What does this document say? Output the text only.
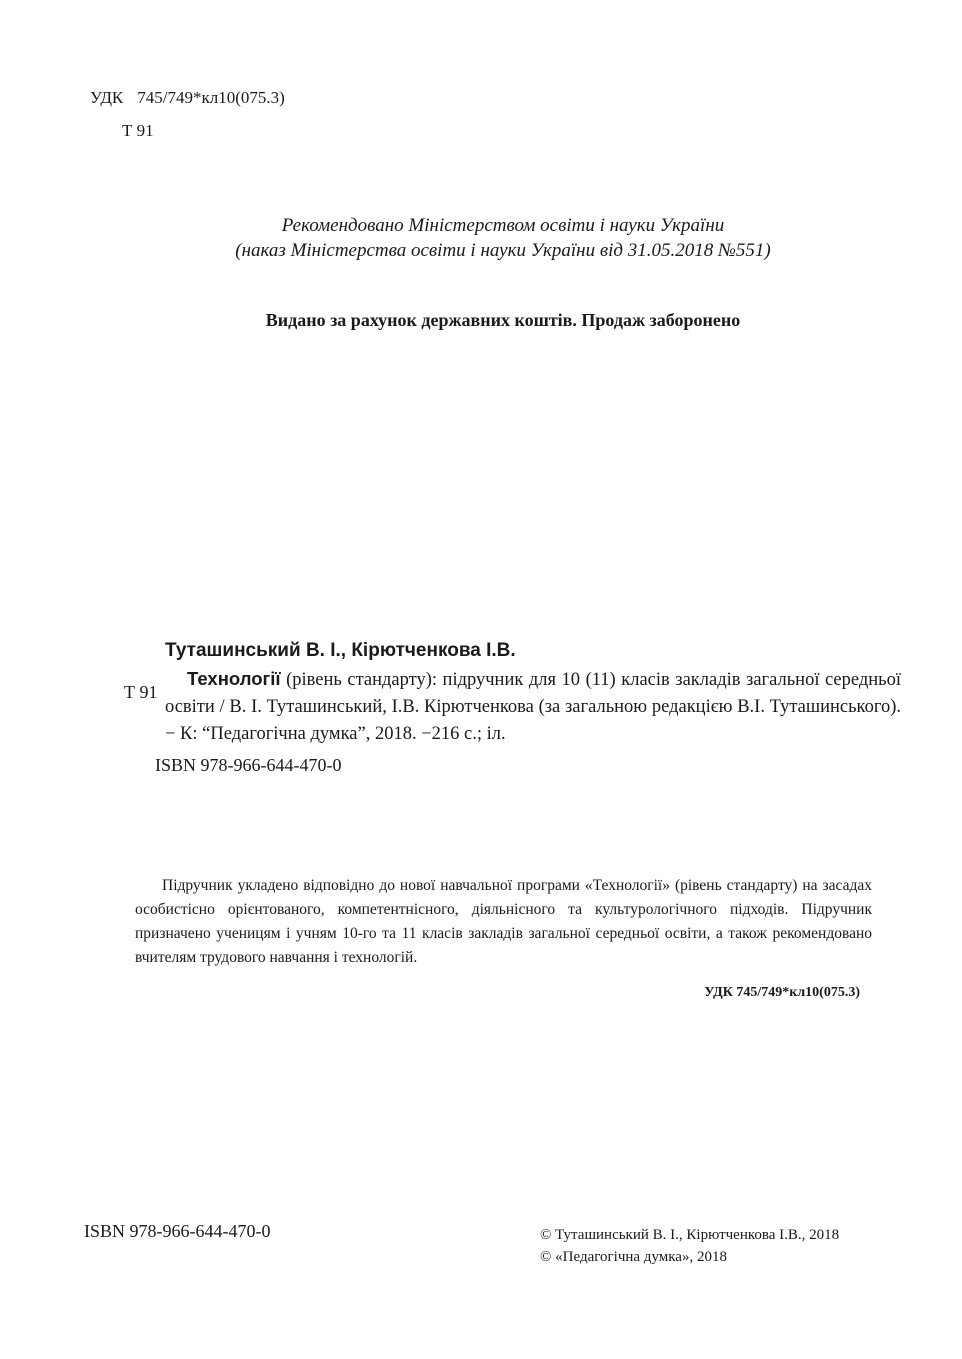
УДК 745/749*кл10(075.3)
Т 91
Рекомендовано Міністерством освіти і науки України
(наказ Міністерства освіти і науки України від 31.05.2018 №551)
Видано за рахунок державних коштів. Продаж заборонено
Туташинський В. І., Кірютченкова І.В.
Т 91
Технології (рівень стандарту): підручник для 10 (11) класів закладів загальної середньої освіти / В. І. Туташинський, І.В. Кірютченкова (за загальною редакцією В.І. Туташинського). − К: “Педагогічна думка”, 2018. −216 с.; іл.
ISBN 978-966-644-470-0

Підручник укладено відповідно до нової навчальної програми «Технології» (рівень стандарту) на засадах особистісно орієнтованого, компетентнісного, діяльнісного та культурологічного підходів. Підручник призначено ученицям і учням 10-го та 11 класів закладів загальної середньої освіти, а також рекомендовано вчителям трудового навчання і технологій.

УДК 745/749*кл10(075.3)
ISBN 978-966-644-470-0	© Туташинський В. І., Кірютченкова І.В., 2018
© «Педагогічна думка», 2018
